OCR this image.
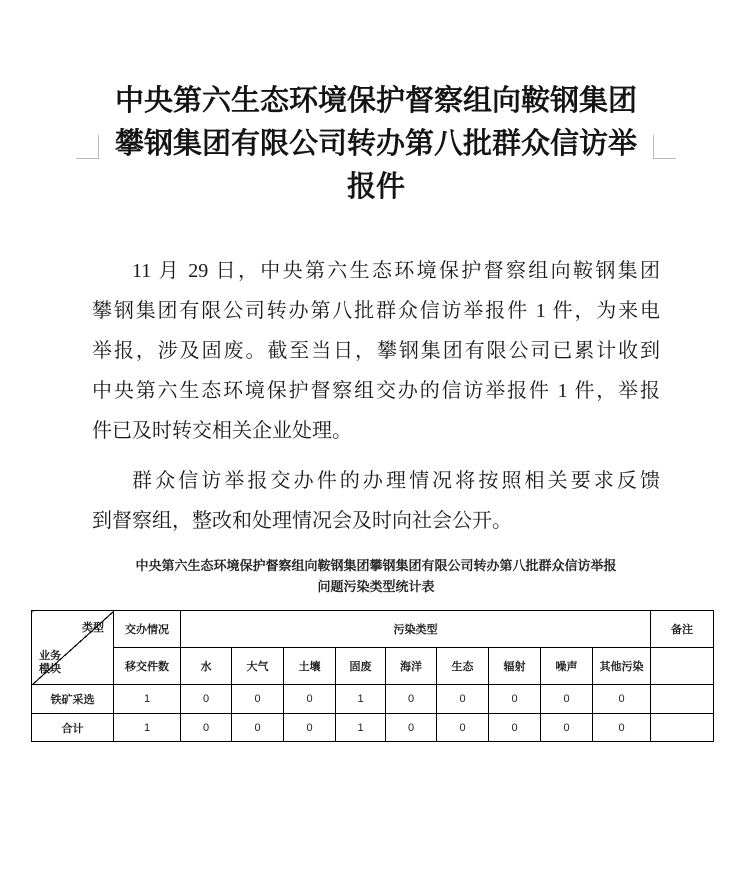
中央第六生态环境保护督察组向鞍钢集团
攀钢集团有限公司转办第八批群众信访举
报件

11 月 29 日，中央第六生态环境保护督察组向鞍钢集团
攀钢集团有限公司转办第八批群众信访举报件 1 件，为来电
举报，涉及固废。截至当日，攀钢集团有限公司已累计收到
中央第六生态环境保护督察组交办的信访举报件 1 件，举报
件已及时转交相关企业处理。

群众信访举报交办件的办理情况将按照相关要求反馈
到督察组，整改和处理情况会及时向社会公开。

中央第六生态环境保护督察组向鞍钢集团攀钢集团有限公司转办第八批群众信访举报
问题污染类型统计表
类型
业务
模块	交办情况	污染类型									备注
	移交件数	水	大气	土壤	固废	海洋	生态	辐射	噪声	其他污染	
铁矿采选	1	0	0	0	1	0	0	0	0	0	
合计	1	0	0	0	1	0	0	0	0	0	
